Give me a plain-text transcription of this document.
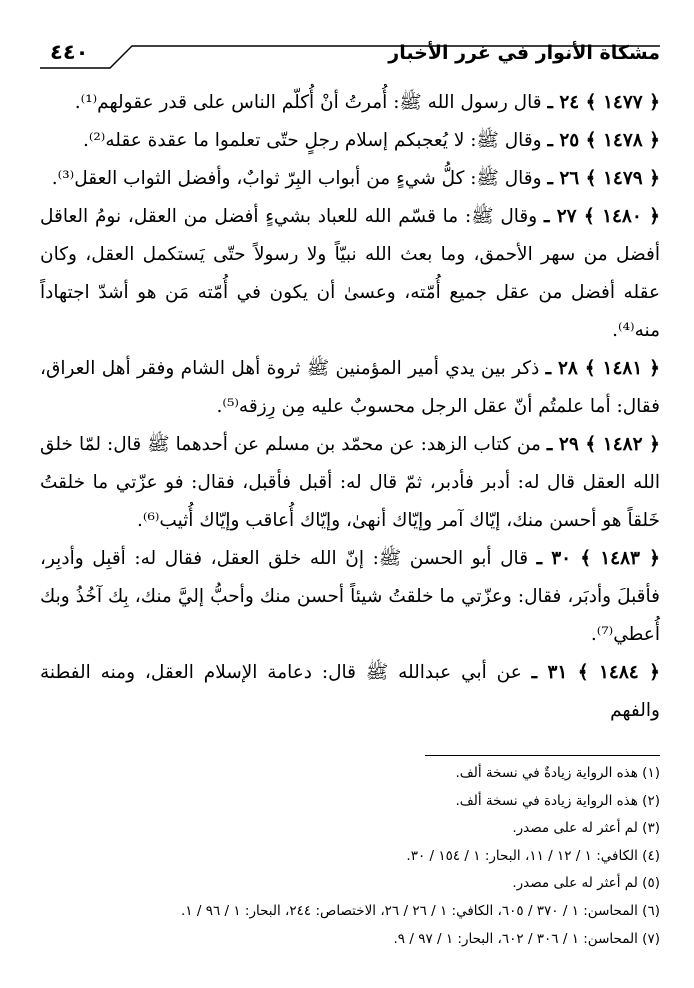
مشكاة الأنوار في غرر الأخبار
٤٤٠

﴿ ١٤٧٧ ﴾ ٢٤ ـ قال رسول الله ﷺ: أُمرتُ أنْ أُكلّم الناس على قدر عقولهم⁽¹⁾.

﴿ ١٤٧٨ ﴾ ٢٥ ـ وقال ﷺ: لا يُعجبكم إسلام رجلٍ حتّى تعلموا ما عقدة عقله⁽²⁾.

﴿ ١٤٧٩ ﴾ ٢٦ ـ وقال ﷺ: كلُّ شيءٍ من أبواب البِرّ ثوابٌ، وأفضل الثواب العقل⁽³⁾.

﴿ ١٤٨٠ ﴾ ٢٧ ـ وقال ﷺ: ما قسّم الله للعباد بشيءٍ أفضل من العقل، نومُ العاقل أفضل من سهر الأحمق، وما بعث الله نبيّاً ولا رسولاً حتّى يَستكمل العقل، وكان عقله أفضل من عقل جميع أُمّته، وعسىٰ أن يكون في أُمّته مَن هو أشدّ اجتهاداً منه⁽⁴⁾.

﴿ ١٤٨١ ﴾ ٢٨ ـ ذكر بين يدي أمير المؤمنين ﷺ ثروة أهل الشام وفقر أهل العراق، فقال: أما علمتُم أنّ عقل الرجل محسوبٌ عليه مِن رِزقه⁽⁵⁾.

﴿ ١٤٨٢ ﴾ ٢٩ ـ من كتاب الزهد: عن محمّد بن مسلم عن أحدهما ﷺ قال: لمّا خلق الله العقل قال له: أدبر فأدبر، ثمّ قال له: أقبل فأقبل، فقال: فو عزّتي ما خلقتُ خَلقاً هو أحسن منك، إيّاك آمر وإيّاك أنهىٰ، وإيّاك أُعاقب وإيّاك أُثيب⁽⁶⁾.

﴿ ١٤٨٣ ﴾ ٣٠ ـ قال أبو الحسن ﷺ: إنّ الله خلق العقل، فقال له: أقبِل وأدبِر، فأقبلَ وأدبَر، فقال: وعزّتي ما خلقتُ شيئاً أحسن منك وأحبُّ إليَّ منك، بِك آخُذُ وبك أُعطي⁽⁷⁾.

﴿ ١٤٨٤ ﴾ ٣١ ـ عن أبي عبدالله ﷺ قال: دعامة الإسلام العقل، ومنه الفطنة والفهم

(١) هذه الرواية زيادةٌ في نسخة ألف.
(٢) هذه الرواية زيادة في نسخة ألف.
(٣) لم أعثر له على مصدر.
(٤) الكافي: ١ / ١٢ / ١١، البحار: ١ / ١٥٤ / ٣٠.
(٥) لم أعثر له على مصدر.
(٦) المحاسن: ١ / ٣٧٠ / ٦٠٥، الكافي: ١ / ٢٦ / ٢٦، الاختصاص: ٢٤٤، البحار: ١ / ٩٦ / ١.
(٧) المحاسن: ١ / ٣٠٦ / ٦٠٢، البحار: ١ / ٩٧ / ٩.
